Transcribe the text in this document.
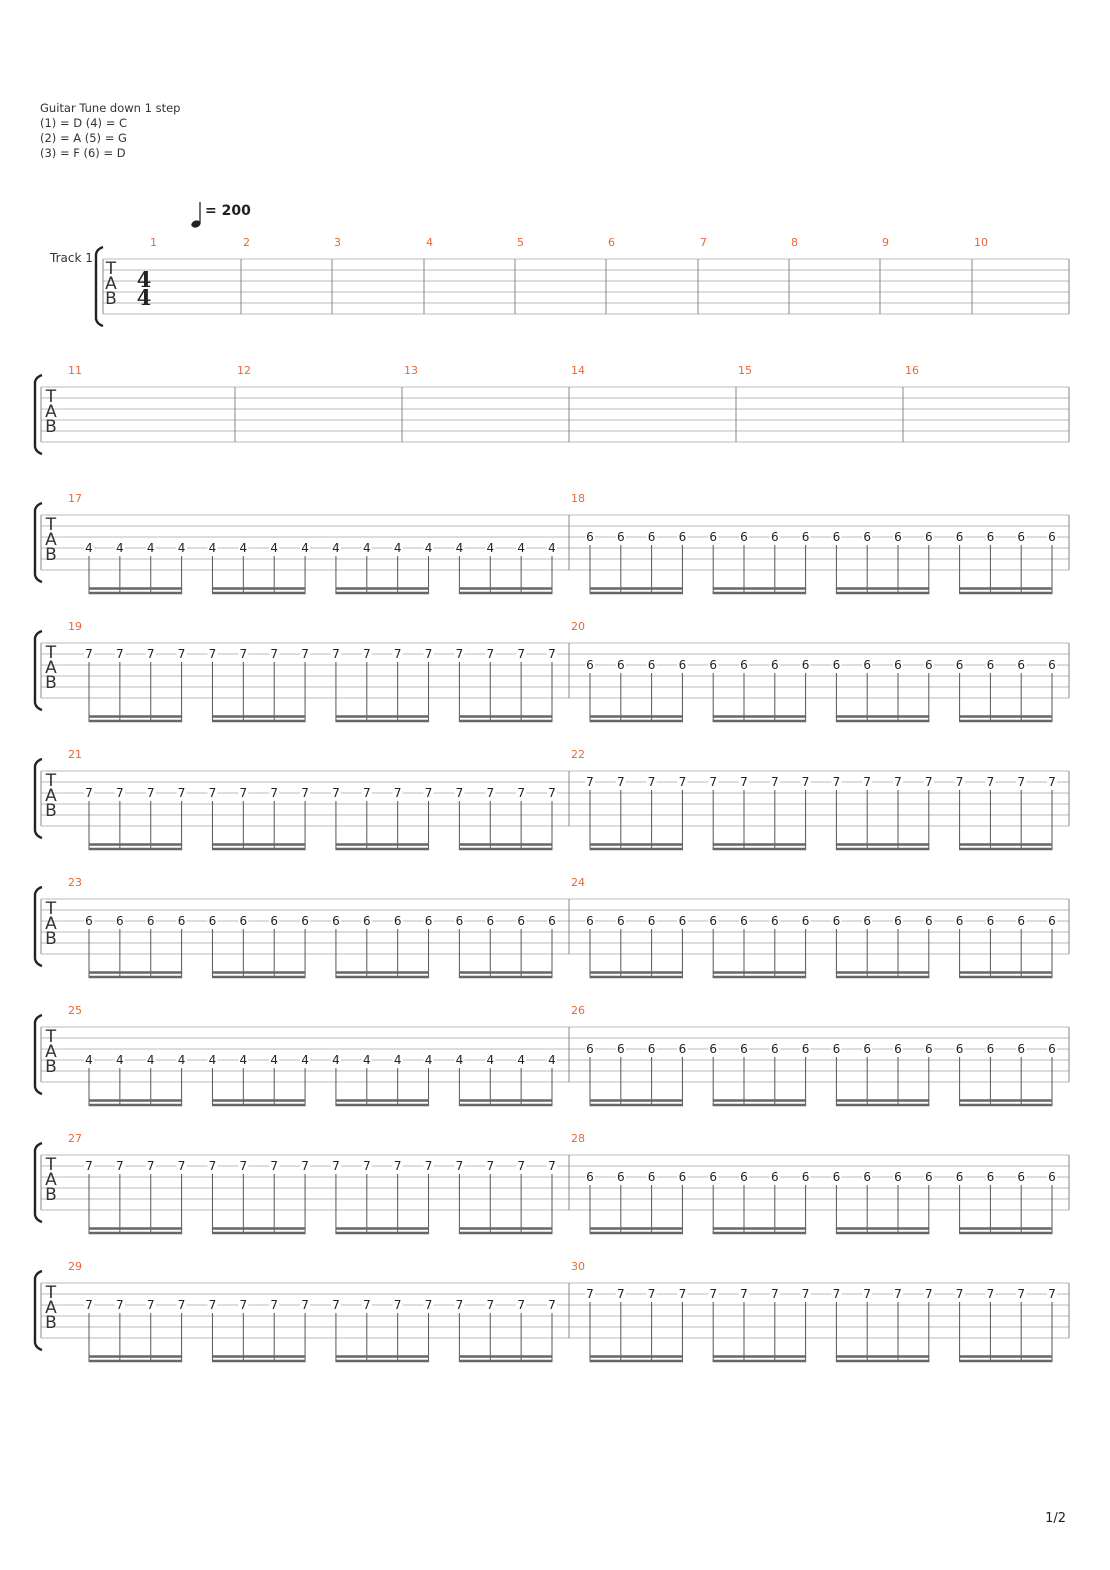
Guitar Tune down 1 step
(1) = D (4) = C
(2) = A (5) = G
(3) = F (6) = D
= 200
Track 1
T
A
B
4
4
1	2	3	4	5	6	7	8	9	10
T
A
B
11	12	13	14	15	16
T
A
B
17
4 4 4 4 4 4 4 4 4 4 4 4 4 4 4 4
18
6 6 6 6 6 6 6 6 6 6 6 6 6 6 6 6
T
A
B
19
7 7 7 7 7 7 7 7 7 7 7 7 7 7 7 7
20
6 6 6 6 6 6 6 6 6 6 6 6 6 6 6 6
T
A
B
21
7 7 7 7 7 7 7 7 7 7 7 7 7 7 7 7
22
7 7 7 7 7 7 7 7 7 7 7 7 7 7 7 7
T
A
B
23
6 6 6 6 6 6 6 6 6 6 6 6 6 6 6 6
24
6 6 6 6 6 6 6 6 6 6 6 6 6 6 6 6
T
A
B
25
4 4 4 4 4 4 4 4 4 4 4 4 4 4 4 4
26
6 6 6 6 6 6 6 6 6 6 6 6 6 6 6 6
T
A
B
27
7 7 7 7 7 7 7 7 7 7 7 7 7 7 7 7
28
6 6 6 6 6 6 6 6 6 6 6 6 6 6 6 6
T
A
B
29
7 7 7 7 7 7 7 7 7 7 7 7 7 7 7 7
30
7 7 7 7 7 7 7 7 7 7 7 7 7 7 7 7
1/2
